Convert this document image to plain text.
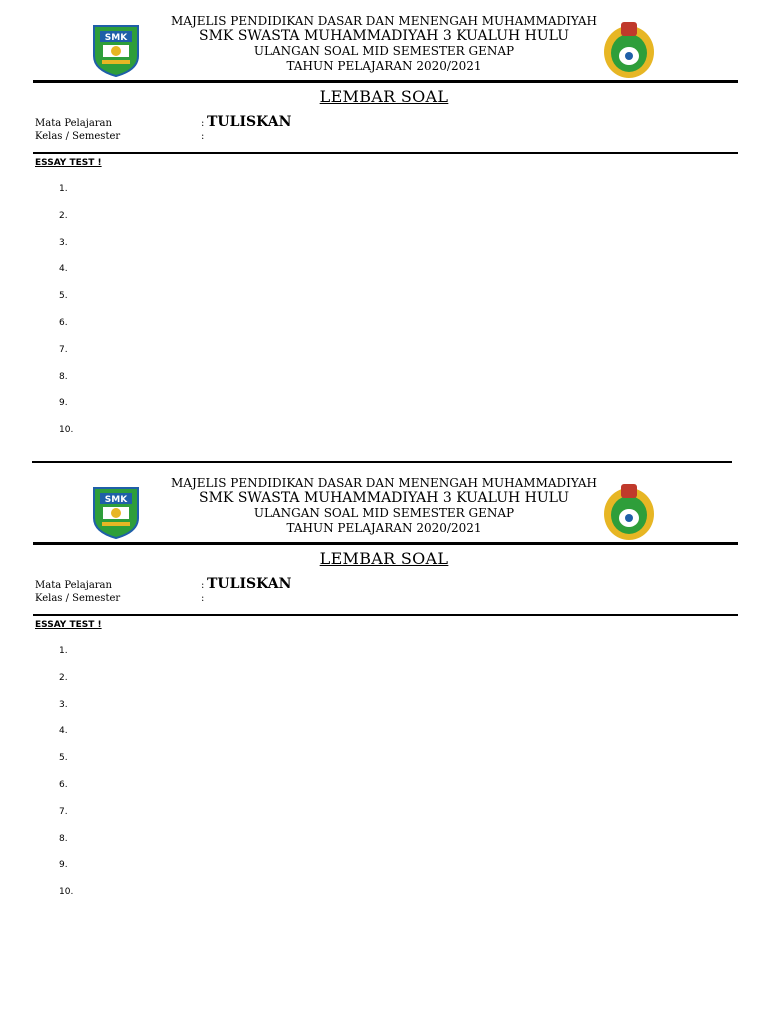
SMK
MAJELIS PENDIDIKAN DASAR DAN MENENGAH MUHAMMADIYAH
SMK SWASTA MUHAMMADIYAH 3 KUALUH HULU
ULANGAN SOAL MID SEMESTER GENAP
TAHUN PELAJARAN 2020/2021
LEMBAR SOAL
Mata Pelajaran
Kelas / Semester
:
:
TULISKAN
ESSAY TEST !
1.
2.
3.
4.
5.
6.
7.
8.
9.
10.
SMK
MAJELIS PENDIDIKAN DASAR DAN MENENGAH MUHAMMADIYAH
SMK SWASTA MUHAMMADIYAH 3 KUALUH HULU
ULANGAN SOAL MID SEMESTER GENAP
TAHUN PELAJARAN 2020/2021
LEMBAR SOAL
Mata Pelajaran
Kelas / Semester
:
:
TULISKAN
ESSAY TEST !
1.
2.
3.
4.
5.
6.
7.
8.
9.
10.
